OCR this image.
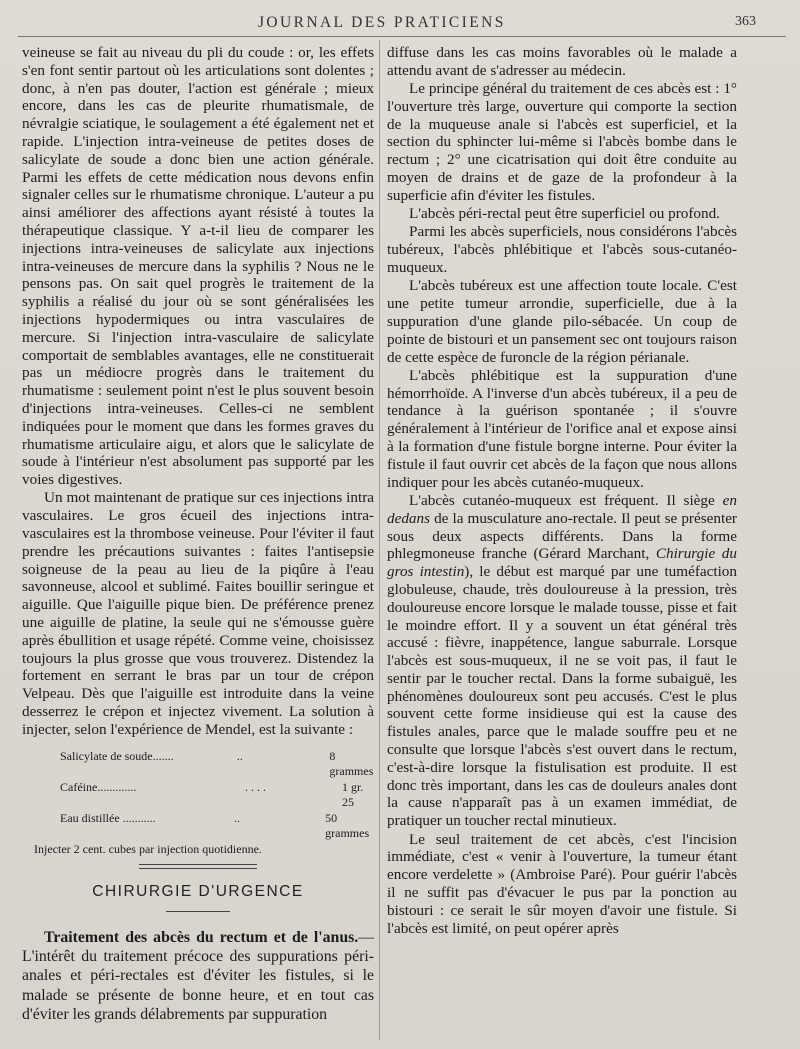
JOURNAL DES PRATICIENS	363

veineuse se fait au niveau du pli du coude : or, les effets s'en font sentir partout où les articulations sont dolentes ; donc, à n'en pas douter, l'action est générale ; mieux encore, dans les cas de pleurite rhumatismale, de névralgie sciatique, le soulagement a été également net et rapide. L'injection intra-veineuse de petites doses de salicylate de soude a donc bien une action générale. Parmi les effets de cette médication nous devons enfin signaler celles sur le rhumatisme chronique. L'auteur a pu ainsi améliorer des affections ayant résisté à toutes la thérapeutique classique. Y a-t-il lieu de comparer les injections intra-veineuses de salicylate aux injections intra-veineuses de mercure dans la syphilis ? Nous ne le pensons pas. On sait quel progrès le traitement de la syphilis a réalisé du jour où se sont généralisées les injections hypodermiques ou intra vasculaires de mercure. Si l'injection intra-vasculaire de salicylate comportait de semblables avantages, elle ne constituerait pas un médiocre progrès dans le traitement du rhumatisme : seulement point n'est le plus souvent besoin d'injections intra-veineuses. Celles-ci ne semblent indiquées pour le moment que dans les formes graves du rhumatisme articulaire aigu, et alors que le salicylate de soude à l'intérieur n'est absolument pas supporté par les voies digestives.

Un mot maintenant de pratique sur ces injections intra vasculaires. Le gros écueil des injections intra-vasculaires est la thrombose veineuse. Pour l'éviter il faut prendre les précautions suivantes : faites l'antisepsie soigneuse de la peau au lieu de la piqûre à l'eau savonneuse, alcool et sublimé. Faites bouillir seringue et aiguille. Que l'aiguille pique bien. De préférence prenez une aiguille de platine, la seule qui ne s'émousse guère après ébullition et usage répété. Comme veine, choisissez toujours la plus grosse que vous trouverez. Distendez la fortement en serrant le bras par un tour de crépon Velpeau. Dès que l'aiguille est introduite dans la veine desserrez le crépon et injectez vivement. La solution à injecter, selon l'expérience de Mendel, est la suivante :

Salicylate de soude.......	..	8 grammes
Caféine.............	. . . .	1 gr. 25
Eau distillée ...........	..	50 grammes
Injecter 2 cent. cubes par injection quotidienne.
CHIRURGIE D'URGENCE

Traitement des abcès du rectum et de l'anus.— L'intérêt du traitement précoce des suppurations péri-anales et péri-rectales est d'éviter les fistules, si le malade se présente de bonne heure, et en tout cas d'éviter les grands délabrements par suppuration

diffuse dans les cas moins favorables où le malade a attendu avant de s'adresser au médecin.

Le principe général du traitement de ces abcès est : 1° l'ouverture très large, ouverture qui comporte la section de la muqueuse anale si l'abcès est superficiel, et la section du sphincter lui-même si l'abcès bombe dans le rectum ; 2° une cicatrisation qui doit être conduite au moyen de drains et de gaze de la profondeur à la superficie afin d'éviter les fistules.

L'abcès péri-rectal peut être superficiel ou profond.

Parmi les abcès superficiels, nous considérons l'abcès tubéreux, l'abcès phlébitique et l'abcès sous-cutanéo-muqueux.

L'abcès tubéreux est une affection toute locale. C'est une petite tumeur arrondie, superficielle, due à la suppuration d'une glande pilo-sébacée. Un coup de pointe de bistouri et un pansement sec ont toujours raison de cette espèce de furoncle de la région périanale.

L'abcès phlébitique est la suppuration d'une hémorrhoïde. A l'inverse d'un abcès tubéreux, il a peu de tendance à la guérison spontanée ; il s'ouvre généralement à l'intérieur de l'orifice anal et expose ainsi à la formation d'une fistule borgne interne. Pour éviter la fistule il faut ouvrir cet abcès de la façon que nous allons indiquer pour les abcès cutanéo-muqueux.

L'abcès cutanéo-muqueux est fréquent. Il siège en dedans de la musculature ano-rectale. Il peut se présenter sous deux aspects différents. Dans la forme phlegmoneuse franche (Gérard Marchant, Chirurgie du gros intestin), le début est marqué par une tuméfaction globuleuse, chaude, très douloureuse à la pression, très douloureuse encore lorsque le malade tousse, pisse et fait le moindre effort. Il y a souvent un état général très accusé : fièvre, inappétence, langue saburrale. Lorsque l'abcès est sous-muqueux, il ne se voit pas, il faut le sentir par le toucher rectal. Dans la forme subaiguë, les phénomènes douloureux sont peu accusés. C'est le plus souvent cette forme insidieuse qui est la cause des fistules anales, parce que le malade souffre peu et ne consulte que lorsque l'abcès s'est ouvert dans le rectum, c'est-à-dire lorsque la fistulisation est produite. Il est donc très important, dans les cas de douleurs anales dont la cause n'apparaît pas à un examen immédiat, de pratiquer un toucher rectal minutieux.

Le seul traitement de cet abcès, c'est l'incision immédiate, c'est « venir à l'ouverture, la tumeur étant encore verdelette » (Ambroise Paré). Pour guérir l'abcès il ne suffit pas d'évacuer le pus par la ponction au bistouri : ce serait le sûr moyen d'avoir une fistule. Si l'abcès est limité, on peut opérer après
